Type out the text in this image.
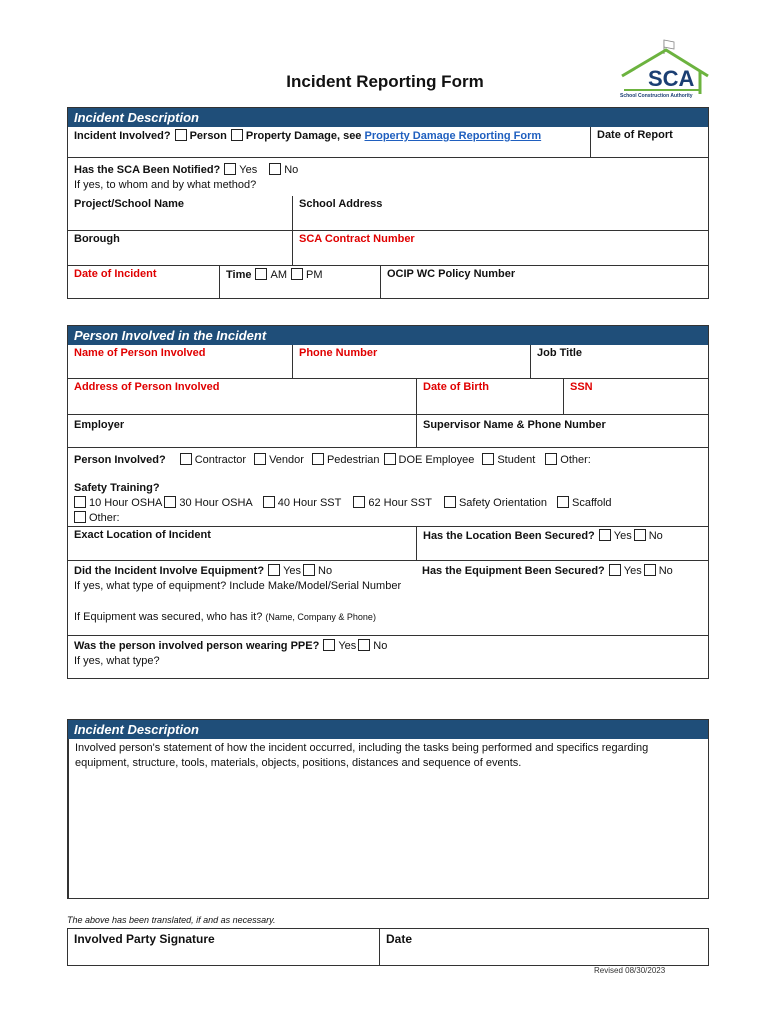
Incident Reporting Form	SCA
School Construction Authority
Incident Description
Incident Involved? Person Property Damage, see Property Damage Reporting Form	Date of Report
Has the SCA Been Notified? Yes No
If yes, to whom and by what method?
Project/School Name	School Address
Borough	SCA Contract Number
Date of Incident	Time AM PM	OCIP WC Policy Number
Person Involved in the Incident
Name of Person Involved	Phone Number	Job Title
Address of Person Involved	Date of Birth	SSN
Employer	Supervisor Name & Phone Number
Person Involved?	Contractor Vendor Pedestrian DOE Employee Student Other:
Safety Training?
10 Hour OSHA 30 Hour OSHA 40 Hour SST 62 Hour SST Safety Orientation Scaffold
Other:
Exact Location of Incident	Has the Location Been Secured? Yes No
Did the Incident Involve Equipment? Yes No	Has the Equipment Been Secured? Yes No
If yes, what type of equipment? Include Make/Model/Serial Number
If Equipment was secured, who has it? (Name, Company & Phone)
Was the person involved person wearing PPE? Yes No
If yes, what type?
Incident Description
Involved person's statement of how the incident occurred, including the tasks being performed and specifics regarding
equipment, structure, tools, materials, objects, positions, distances and sequence of events.
The above has been translated, if and as necessary.
Involved Party Signature	Date
Revised 08/30/2023
